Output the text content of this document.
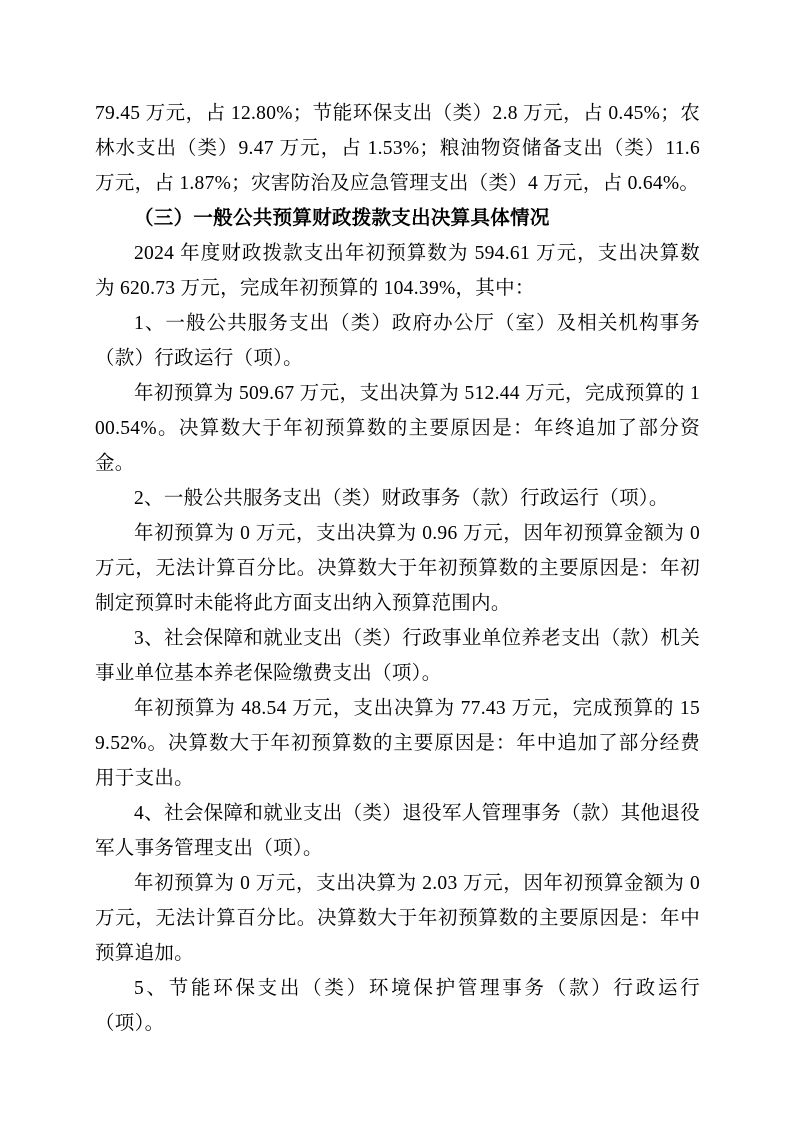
79.45 万元，占 12.80%；节能环保支出（类）2.8 万元，占 0.45%；农林水支出（类）9.47 万元，占 1.53%；粮油物资储备支出（类）11.6 万元，占 1.87%；灾害防治及应急管理支出（类）4 万元，占 0.64%。

（三）一般公共预算财政拨款支出决算具体情况

2024 年度财政拨款支出年初预算数为 594.61 万元，支出决算数为 620.73 万元，完成年初预算的 104.39%，其中：

1、一般公共服务支出（类）政府办公厅（室）及相关机构事务（款）行政运行（项）。

年初预算为 509.67 万元，支出决算为 512.44 万元，完成预算的 100.54%。决算数大于年初预算数的主要原因是：年终追加了部分资金。

2、一般公共服务支出（类）财政事务（款）行政运行（项）。

年初预算为 0 万元，支出决算为 0.96 万元，因年初预算金额为 0 万元，无法计算百分比。决算数大于年初预算数的主要原因是：年初制定预算时未能将此方面支出纳入预算范围内。

3、社会保障和就业支出（类）行政事业单位养老支出（款）机关事业单位基本养老保险缴费支出（项）。

年初预算为 48.54 万元，支出决算为 77.43 万元，完成预算的 159.52%。决算数大于年初预算数的主要原因是：年中追加了部分经费用于支出。

4、社会保障和就业支出（类）退役军人管理事务（款）其他退役军人事务管理支出（项）。

年初预算为 0 万元，支出决算为 2.03 万元，因年初预算金额为 0 万元，无法计算百分比。决算数大于年初预算数的主要原因是：年中预算追加。

5、节能环保支出（类）环境保护管理事务（款）行政运行（项）。
